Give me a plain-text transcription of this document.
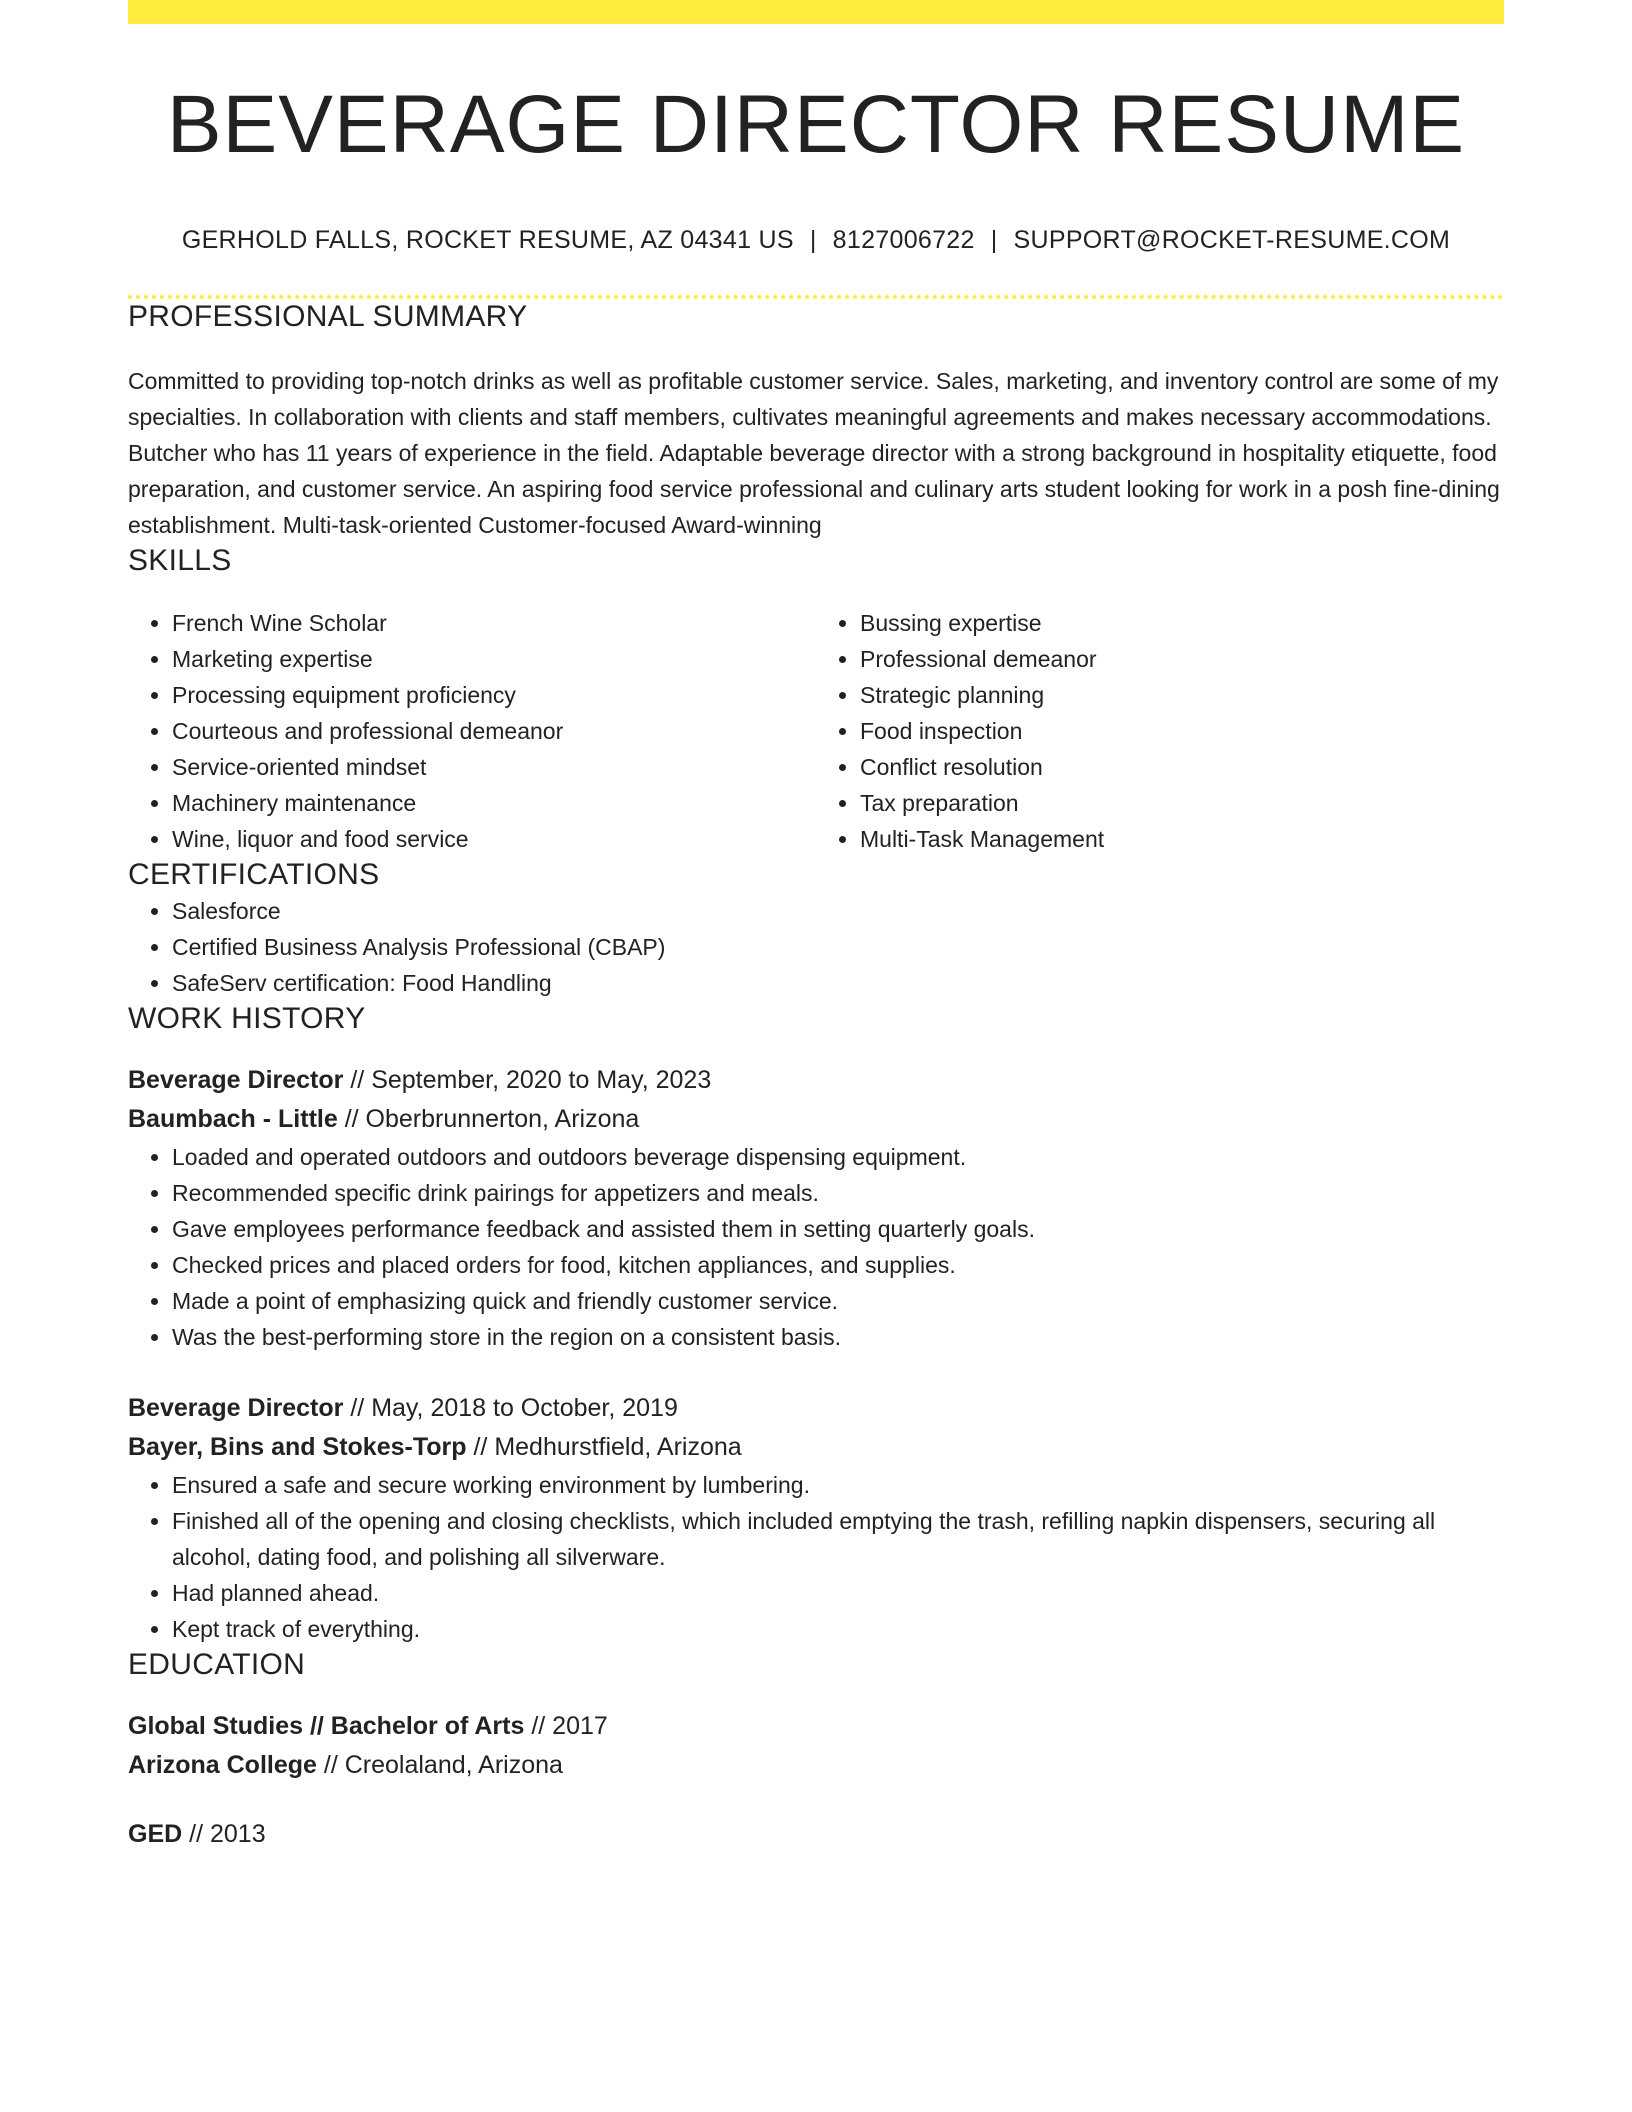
BEVERAGE DIRECTOR RESUME
GERHOLD FALLS, ROCKET RESUME, AZ 04341 US | 8127006722 | SUPPORT@ROCKET-RESUME.COM
PROFESSIONAL SUMMARY

Committed to providing top-notch drinks as well as profitable customer service. Sales, marketing, and inventory control are some of my specialties. In collaboration with clients and staff members, cultivates meaningful agreements and makes necessary accommodations. Butcher who has 11 years of experience in the field. Adaptable beverage director with a strong background in hospitality etiquette, food preparation, and customer service. An aspiring food service professional and culinary arts student looking for work in a posh fine-dining establishment. Multi-task-oriented Customer-focused Award-winning

SKILLS
• French Wine Scholar
• Marketing expertise
• Processing equipment proficiency
• Courteous and professional demeanor
• Service-oriented mindset
• Machinery maintenance
• Wine, liquor and food service
• Bussing expertise
• Professional demeanor
• Strategic planning
• Food inspection
• Conflict resolution
• Tax preparation
• Multi-Task Management
CERTIFICATIONS
• Salesforce
• Certified Business Analysis Professional (CBAP)
• SafeServ certification: Food Handling
WORK HISTORY
Beverage Director // September, 2020 to May, 2023
Baumbach - Little // Oberbrunnerton, Arizona
• Loaded and operated outdoors and outdoors beverage dispensing equipment.
• Recommended specific drink pairings for appetizers and meals.
• Gave employees performance feedback and assisted them in setting quarterly goals.
• Checked prices and placed orders for food, kitchen appliances, and supplies.
• Made a point of emphasizing quick and friendly customer service.
• Was the best-performing store in the region on a consistent basis.
Beverage Director // May, 2018 to October, 2019
Bayer, Bins and Stokes-Torp // Medhurstfield, Arizona
• Ensured a safe and secure working environment by lumbering.
• Finished all of the opening and closing checklists, which included emptying the trash, refilling napkin dispensers, securing all alcohol, dating food, and polishing all silverware.
• Had planned ahead.
• Kept track of everything.
EDUCATION
Global Studies // Bachelor of Arts // 2017
Arizona College // Creolaland, Arizona
GED // 2013
